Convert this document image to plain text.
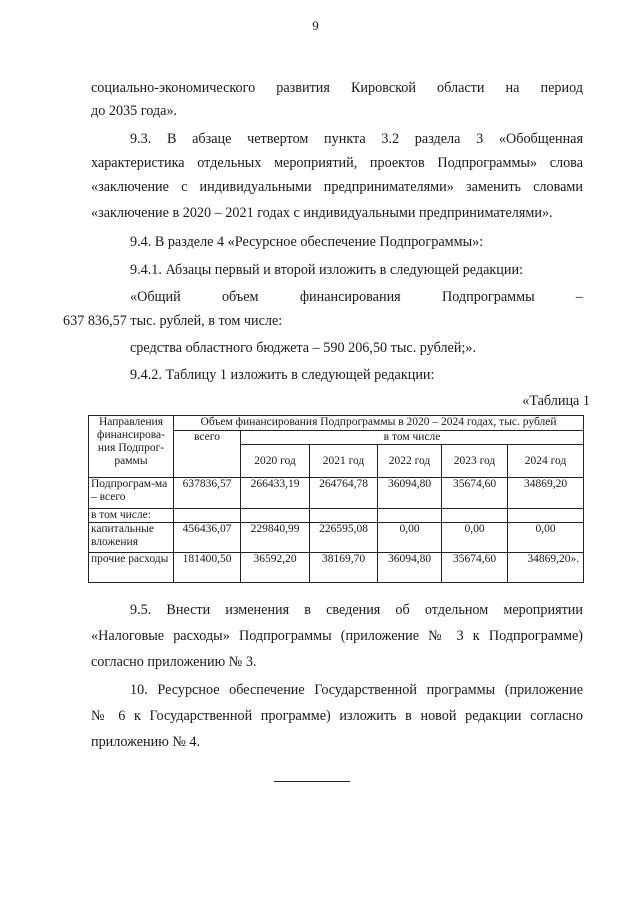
9
социально-экономического развития Кировской области на период
до 2035 года».
9.3. В абзаце четвертом пункта 3.2 раздела 3 «Обобщенная
характеристика отдельных мероприятий, проектов Подпрограммы» слова
«заключение с индивидуальными предпринимателями» заменить словами
«заключение в 2020 – 2021 годах с индивидуальными предпринимателями».
9.4. В разделе 4 «Ресурсное обеспечение Подпрограммы»:
9.4.1. Абзацы первый и второй изложить в следующей редакции:
«Общий объем финансирования Подпрограммы –
637 836,57 тыс. рублей, в том числе:
средства областного бюджета – 590 206,50 тыс. рублей;».
9.4.2. Таблицу 1 изложить в следующей редакции:
«Таблица 1
Направления финансирова-ния Подпрог-раммы	Объем финансирования Подпрограммы в 2020 – 2024 годах, тыс. рублей					
	всего	в том числе				
		2020 год	2021 год	2022 год	2023 год	2024 год
Подпрограм-ма – всего	637836,57	266433,19	264764,78	36094,80	35674,60	34869,20
в том числе:						
капитальные вложения	456436,07	229840,99	226595,08	0,00	0,00	0,00
прочие расходы	181400,50	36592,20	38169,70	36094,80	35674,60	34869,20».
9.5. Внести изменения в сведения об отдельном мероприятии
«Налоговые расходы» Подпрограммы (приложение № 3 к Подпрограмме)
согласно приложению № 3.
10. Ресурсное обеспечение Государственной программы (приложение
№ 6 к Государственной программе) изложить в новой редакции согласно
приложению № 4.
